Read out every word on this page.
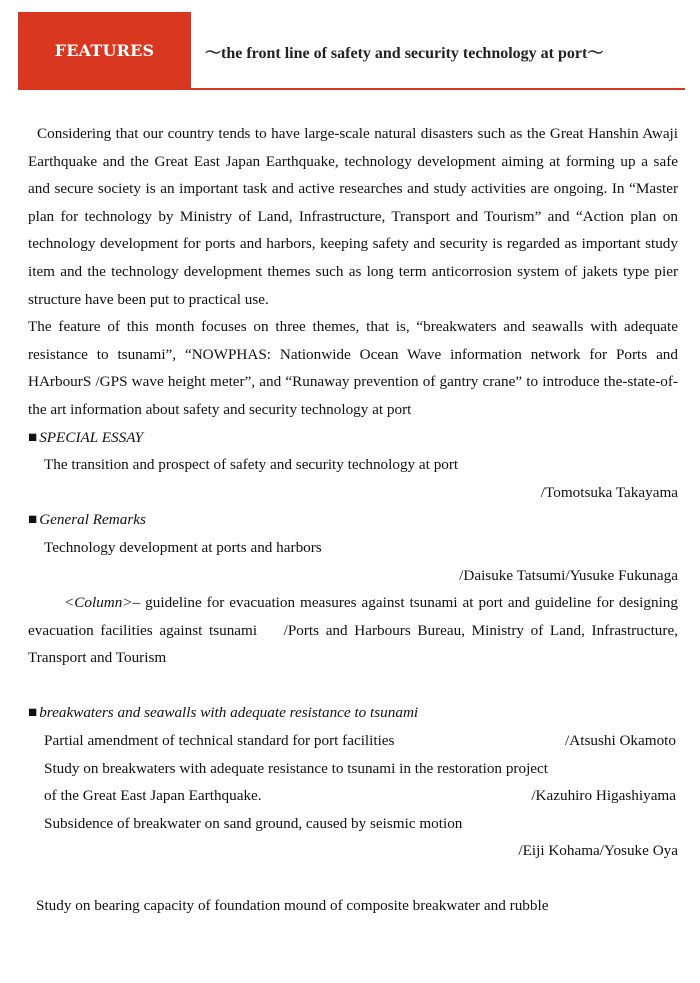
FEATURES	～the front line of safety and security technology at port～

Considering that our country tends to have large-scale natural disasters such as the Great Hanshin Awaji Earthquake and the Great East Japan Earthquake, technology development aiming at forming up a safe and secure society is an important task and active researches and study activities are ongoing. In “Master plan for technology by Ministry of Land, Infrastructure, Transport and Tourism” and “Action plan on technology development for ports and harbors, keeping safety and security is regarded as important study item and the technology development themes such as long term anticorrosion system of jakets type pier structure have been put to practical use.

The feature of this month focuses on three themes, that is, “breakwaters and seawalls with adequate resistance to tsunami”, “NOWPHAS: Nationwide Ocean Wave information network for Ports and HArbourS /GPS wave height meter”, and “Runaway prevention of gantry crane” to introduce the-state-of-the art information about safety and security technology at port

■ SPECIAL ESSAY

The transition and prospect of safety and security technology at port

/Tomotsuka Takayama

■ General Remarks

Technology development at ports and harbors

/Daisuke Tatsumi/Yusuke Fukunaga

<Column>– guideline for evacuation measures against tsunami at port and guideline for designing evacuation facilities against tsunami /Ports and Harbours Bureau, Ministry of Land, Infrastructure, Transport and Tourism

■ breakwaters and seawalls with adequate resistance to tsunami

Partial amendment of technical standard for port facilities	/Atsushi Okamoto

Study on breakwaters with adequate resistance to tsunami in the restoration project

of the Great East Japan Earthquake.	/Kazuhiro Higashiyama

Subsidence of breakwater on sand ground, caused by seismic motion

/Eiji Kohama/Yosuke Oya

Study on bearing capacity of foundation mound of composite breakwater and rubble
